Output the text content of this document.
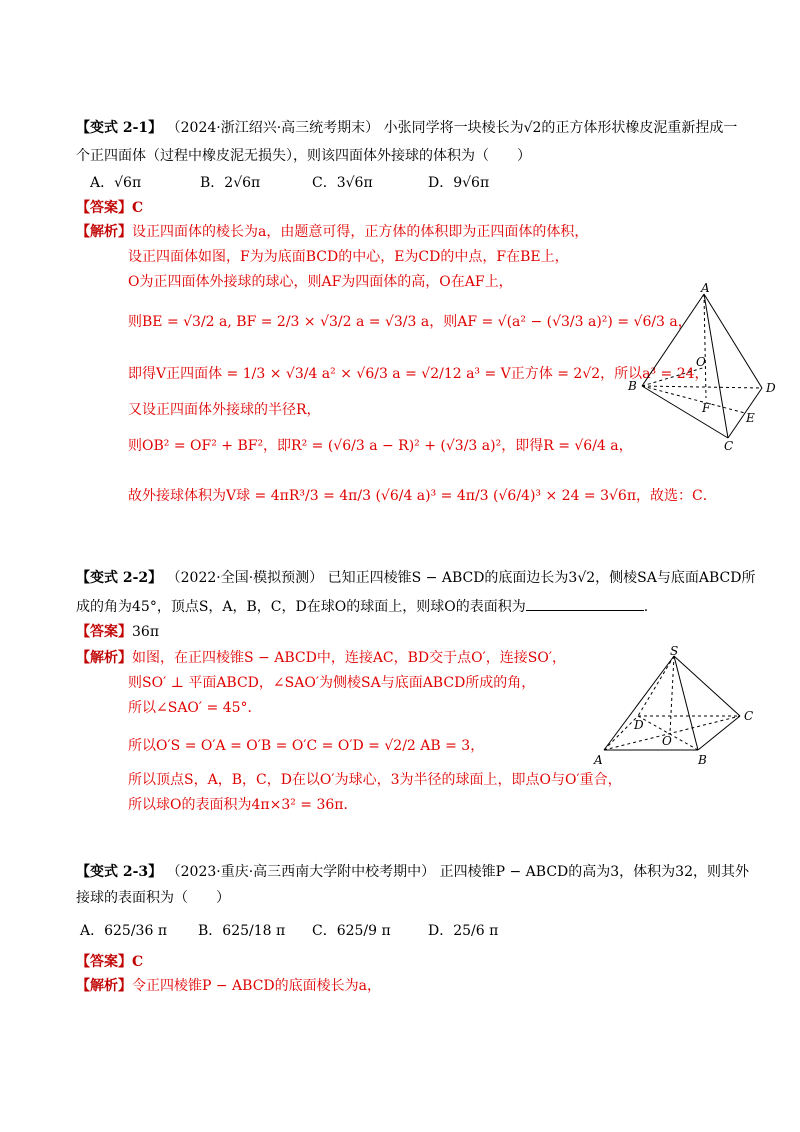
【变式 2-1】 （2024·浙江绍兴·高三统考期末） 小张同学将一块棱长为√2的正方体形状橡皮泥重新捏成一
个正四面体（过程中橡皮泥无损失），则该四面体外接球的体积为（　　）
A．√6π	B．2√6π	C．3√6π	D．9√6π
【答案】C
【解析】设正四面体的棱长为a，由题意可得，正方体的体积即为正四面体的体积，
设正四面体如图，F为为底面BCD的中心，E为CD的中点，F在BE上，
O为正四面体外接球的球心，则AF为四面体的高，O在AF上，
则BE = √3/2 a, BF = 2/3 × √3/2 a = √3/3 a，则AF = √(a² − (√3/3 a)²) = √6/3 a，
即得V正四面体 = 1/3 × √3/4 a² × √6/3 a = √2/12 a³ = V正方体 = 2√2，所以a³ = 24，
又设正四面体外接球的半径R，
则OB² = OF² + BF²，即R² = (√6/3 a − R)² + (√3/3 a)²，即得R = √6/4 a，
故外接球体积为V球 = 4πR³/3 = 4π/3 (√6/4 a)³ = 4π/3 (√6/4)³ × 24 = 3√6π，故选：C．
A
O
B	D
F
E
C
【变式 2-2】 （2022·全国·模拟预测） 已知正四棱锥S − ABCD的底面边长为3√2，侧棱SA与底面ABCD所
成的角为45°，顶点S，A，B，C，D在球O的球面上，则球O的表面积为	.
【答案】36π
【解析】如图，在正四棱锥S − ABCD中，连接AC，BD交于点O′，连接SO′，
则SO′ ⊥ 平面ABCD，∠SAO′为侧棱SA与底面ABCD所成的角，
所以∠SAO′ = 45°．
所以O′S = O′A = O′B = O′C = O′D = √2/2 AB = 3，
所以顶点S，A，B，C，D在以O′为球心，3为半径的球面上，即点O与O′重合，
所以球O的表面积为4π×3² = 36π．
S
C
D
O
A	B
【变式 2-3】 （2023·重庆·高三西南大学附中校考期中） 正四棱锥P − ABCD的高为3，体积为32，则其外
接球的表面积为（　　）
A．625/36 π B．625/18 π C．625/9 π	D．25/6 π
【答案】C
【解析】令正四棱锥P − ABCD的底面棱长为a，
